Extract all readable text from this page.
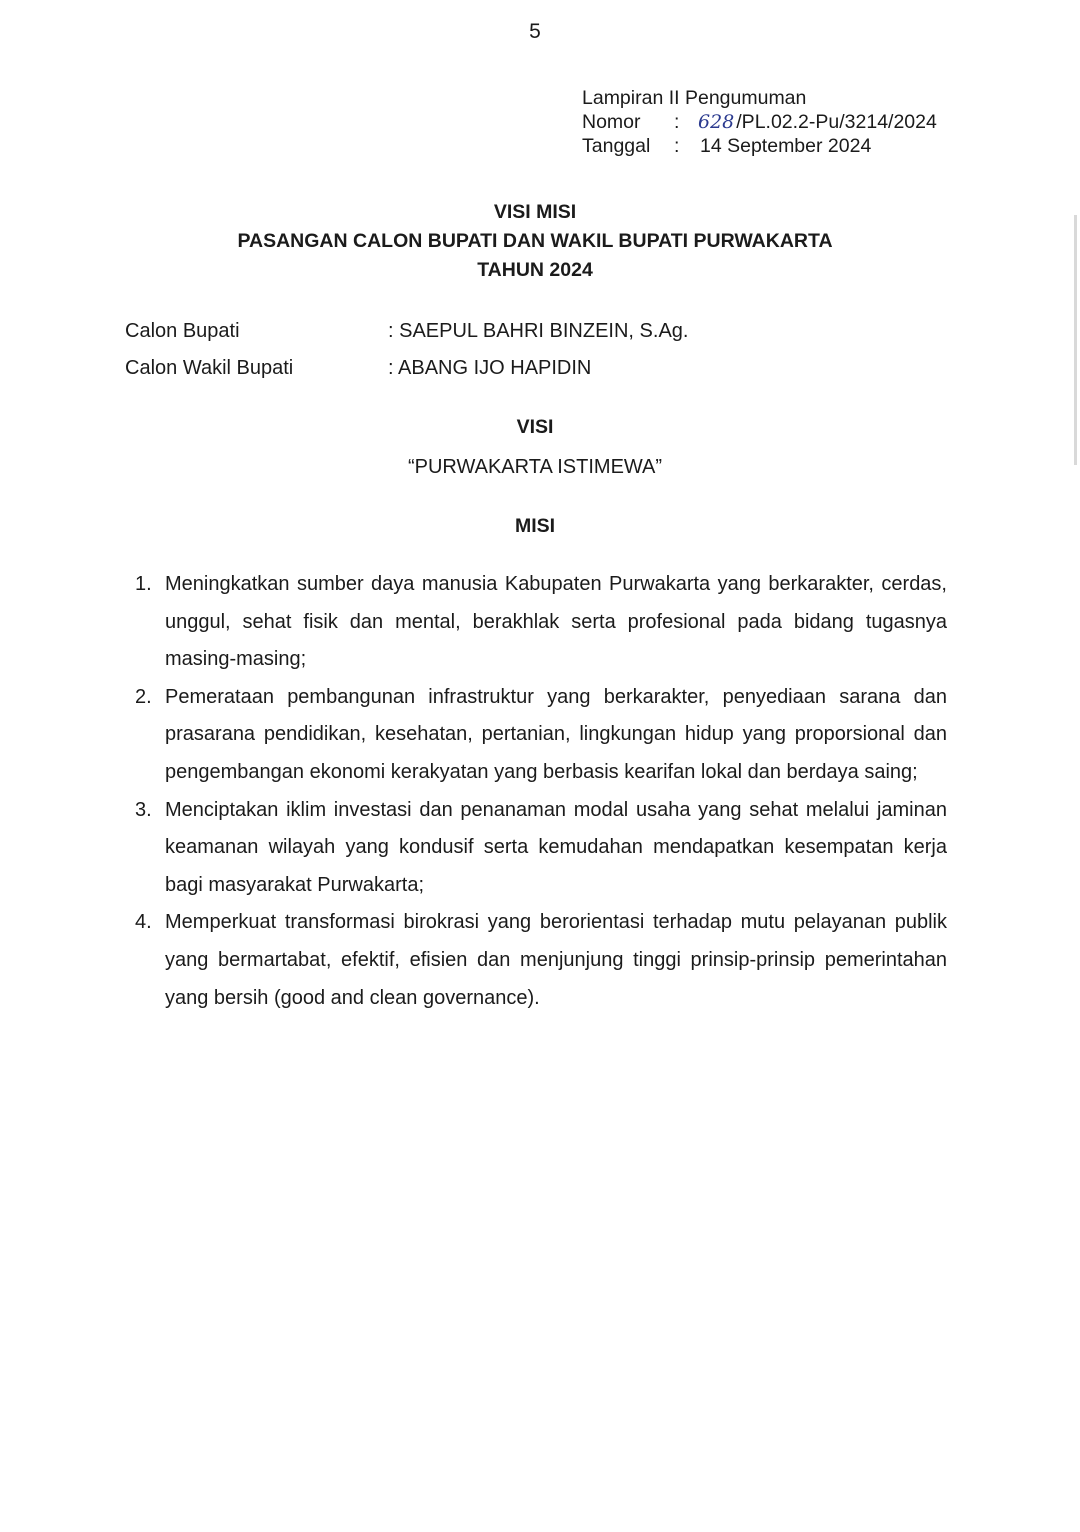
5
Lampiran II Pengumuman
Nomor	: 628 /PL.02.2-Pu/3214/2024
Tanggal	:	14 September 2024
VISI MISI
PASANGAN CALON BUPATI DAN WAKIL BUPATI PURWAKARTA
TAHUN 2024
Calon Bupati	: SAEPUL BAHRI BINZEIN, S.Ag.
Calon Wakil Bupati	: ABANG IJO HAPIDIN
VISI
“PURWAKARTA ISTIMEWA”
MISI
1. Meningkatkan sumber daya manusia Kabupaten Purwakarta yang berkarakter, cerdas, unggul, sehat fisik dan mental, berakhlak serta profesional pada bidang tugasnya masing-masing;
2. Pemerataan pembangunan infrastruktur yang berkarakter, penyediaan sarana dan prasarana pendidikan, kesehatan, pertanian, lingkungan hidup yang proporsional dan pengembangan ekonomi kerakyatan yang berbasis kearifan lokal dan berdaya saing;
3. Menciptakan iklim investasi dan penanaman modal usaha yang sehat melalui jaminan keamanan wilayah yang kondusif serta kemudahan mendapatkan kesempatan kerja bagi masyarakat Purwakarta;
4. Memperkuat transformasi birokrasi yang berorientasi terhadap mutu pelayanan publik yang bermartabat, efektif, efisien dan menjunjung tinggi prinsip-prinsip pemerintahan yang bersih (good and clean governance).
